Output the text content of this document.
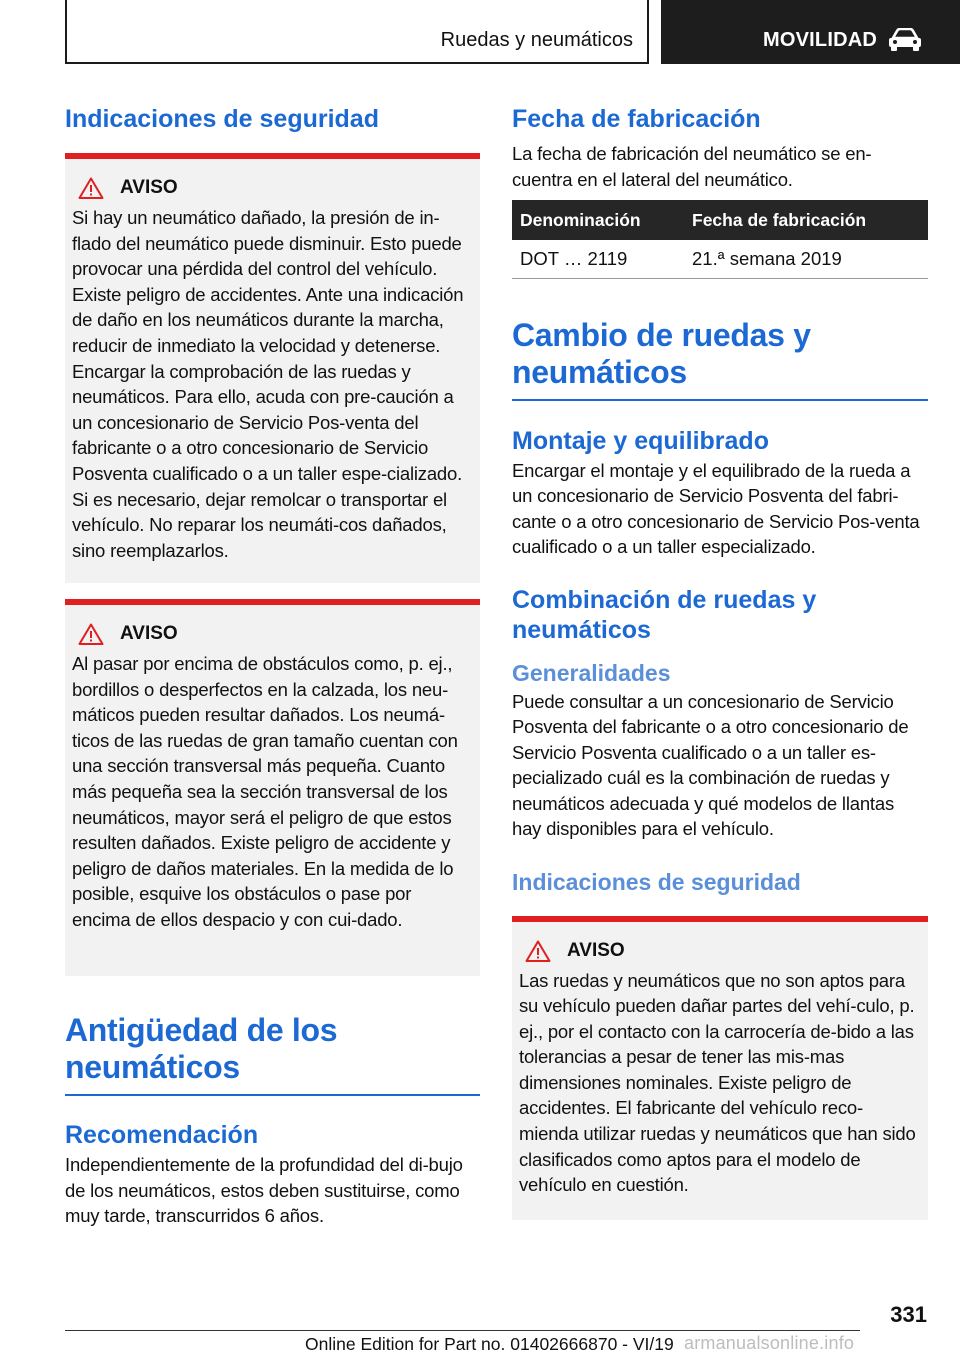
Ruedas y neumáticos	MOVILIDAD
Indicaciones de seguridad
AVISO
Si hay un neumático dañado, la presión de in-flado del neumático puede disminuir. Esto puede provocar una pérdida del control del vehículo. Existe peligro de accidentes. Ante una indicación de daño en los neumáticos durante la marcha, reducir de inmediato la velocidad y detenerse. Encargar la comprobación de las ruedas y neumáticos. Para ello, acuda con pre-caución a un concesionario de Servicio Pos-venta del fabricante o a otro concesionario de Servicio Posventa cualificado o a un taller espe-cializado. Si es necesario, dejar remolcar o transportar el vehículo. No reparar los neumáti-cos dañados, sino reemplazarlos.
AVISO
Al pasar por encima de obstáculos como, p. ej., bordillos o desperfectos en la calzada, los neu-máticos pueden resultar dañados. Los neumá-ticos de las ruedas de gran tamaño cuentan con una sección transversal más pequeña. Cuanto más pequeña sea la sección transversal de los neumáticos, mayor será el peligro de que estos resulten dañados. Existe peligro de accidente y peligro de daños materiales. En la medida de lo posible, esquive los obstáculos o pase por encima de ellos despacio y con cui-dado.
Antigüedad de los neumáticos
Recomendación
Independientemente de la profundidad del di-bujo de los neumáticos, estos deben sustituirse, como muy tarde, transcurridos 6 años.
Fecha de fabricación
La fecha de fabricación del neumático se en-cuentra en el lateral del neumático.
Denominación	Fecha de fabricación
DOT … 2119	21.ª semana 2019
Cambio de ruedas y neumáticos
Montaje y equilibrado
Encargar el montaje y el equilibrado de la rueda a un concesionario de Servicio Posventa del fabri-cante o a otro concesionario de Servicio Pos-venta cualificado o a un taller especializado.
Combinación de ruedas y neumáticos
Generalidades
Puede consultar a un concesionario de Servicio Posventa del fabricante o a otro concesionario de Servicio Posventa cualificado o a un taller es-pecializado cuál es la combinación de ruedas y neumáticos adecuada y qué modelos de llantas hay disponibles para el vehículo.
Indicaciones de seguridad
AVISO
Las ruedas y neumáticos que no son aptos para su vehículo pueden dañar partes del vehí-culo, p. ej., por el contacto con la carrocería de-bido a las tolerancias a pesar de tener las mis-mas dimensiones nominales. Existe peligro de accidentes. El fabricante del vehículo reco-mienda utilizar ruedas y neumáticos que han sido clasificados como aptos para el modelo de vehículo en cuestión.
331
Online Edition for Part no. 01402666870 - VI/19 armanualsonline.info
